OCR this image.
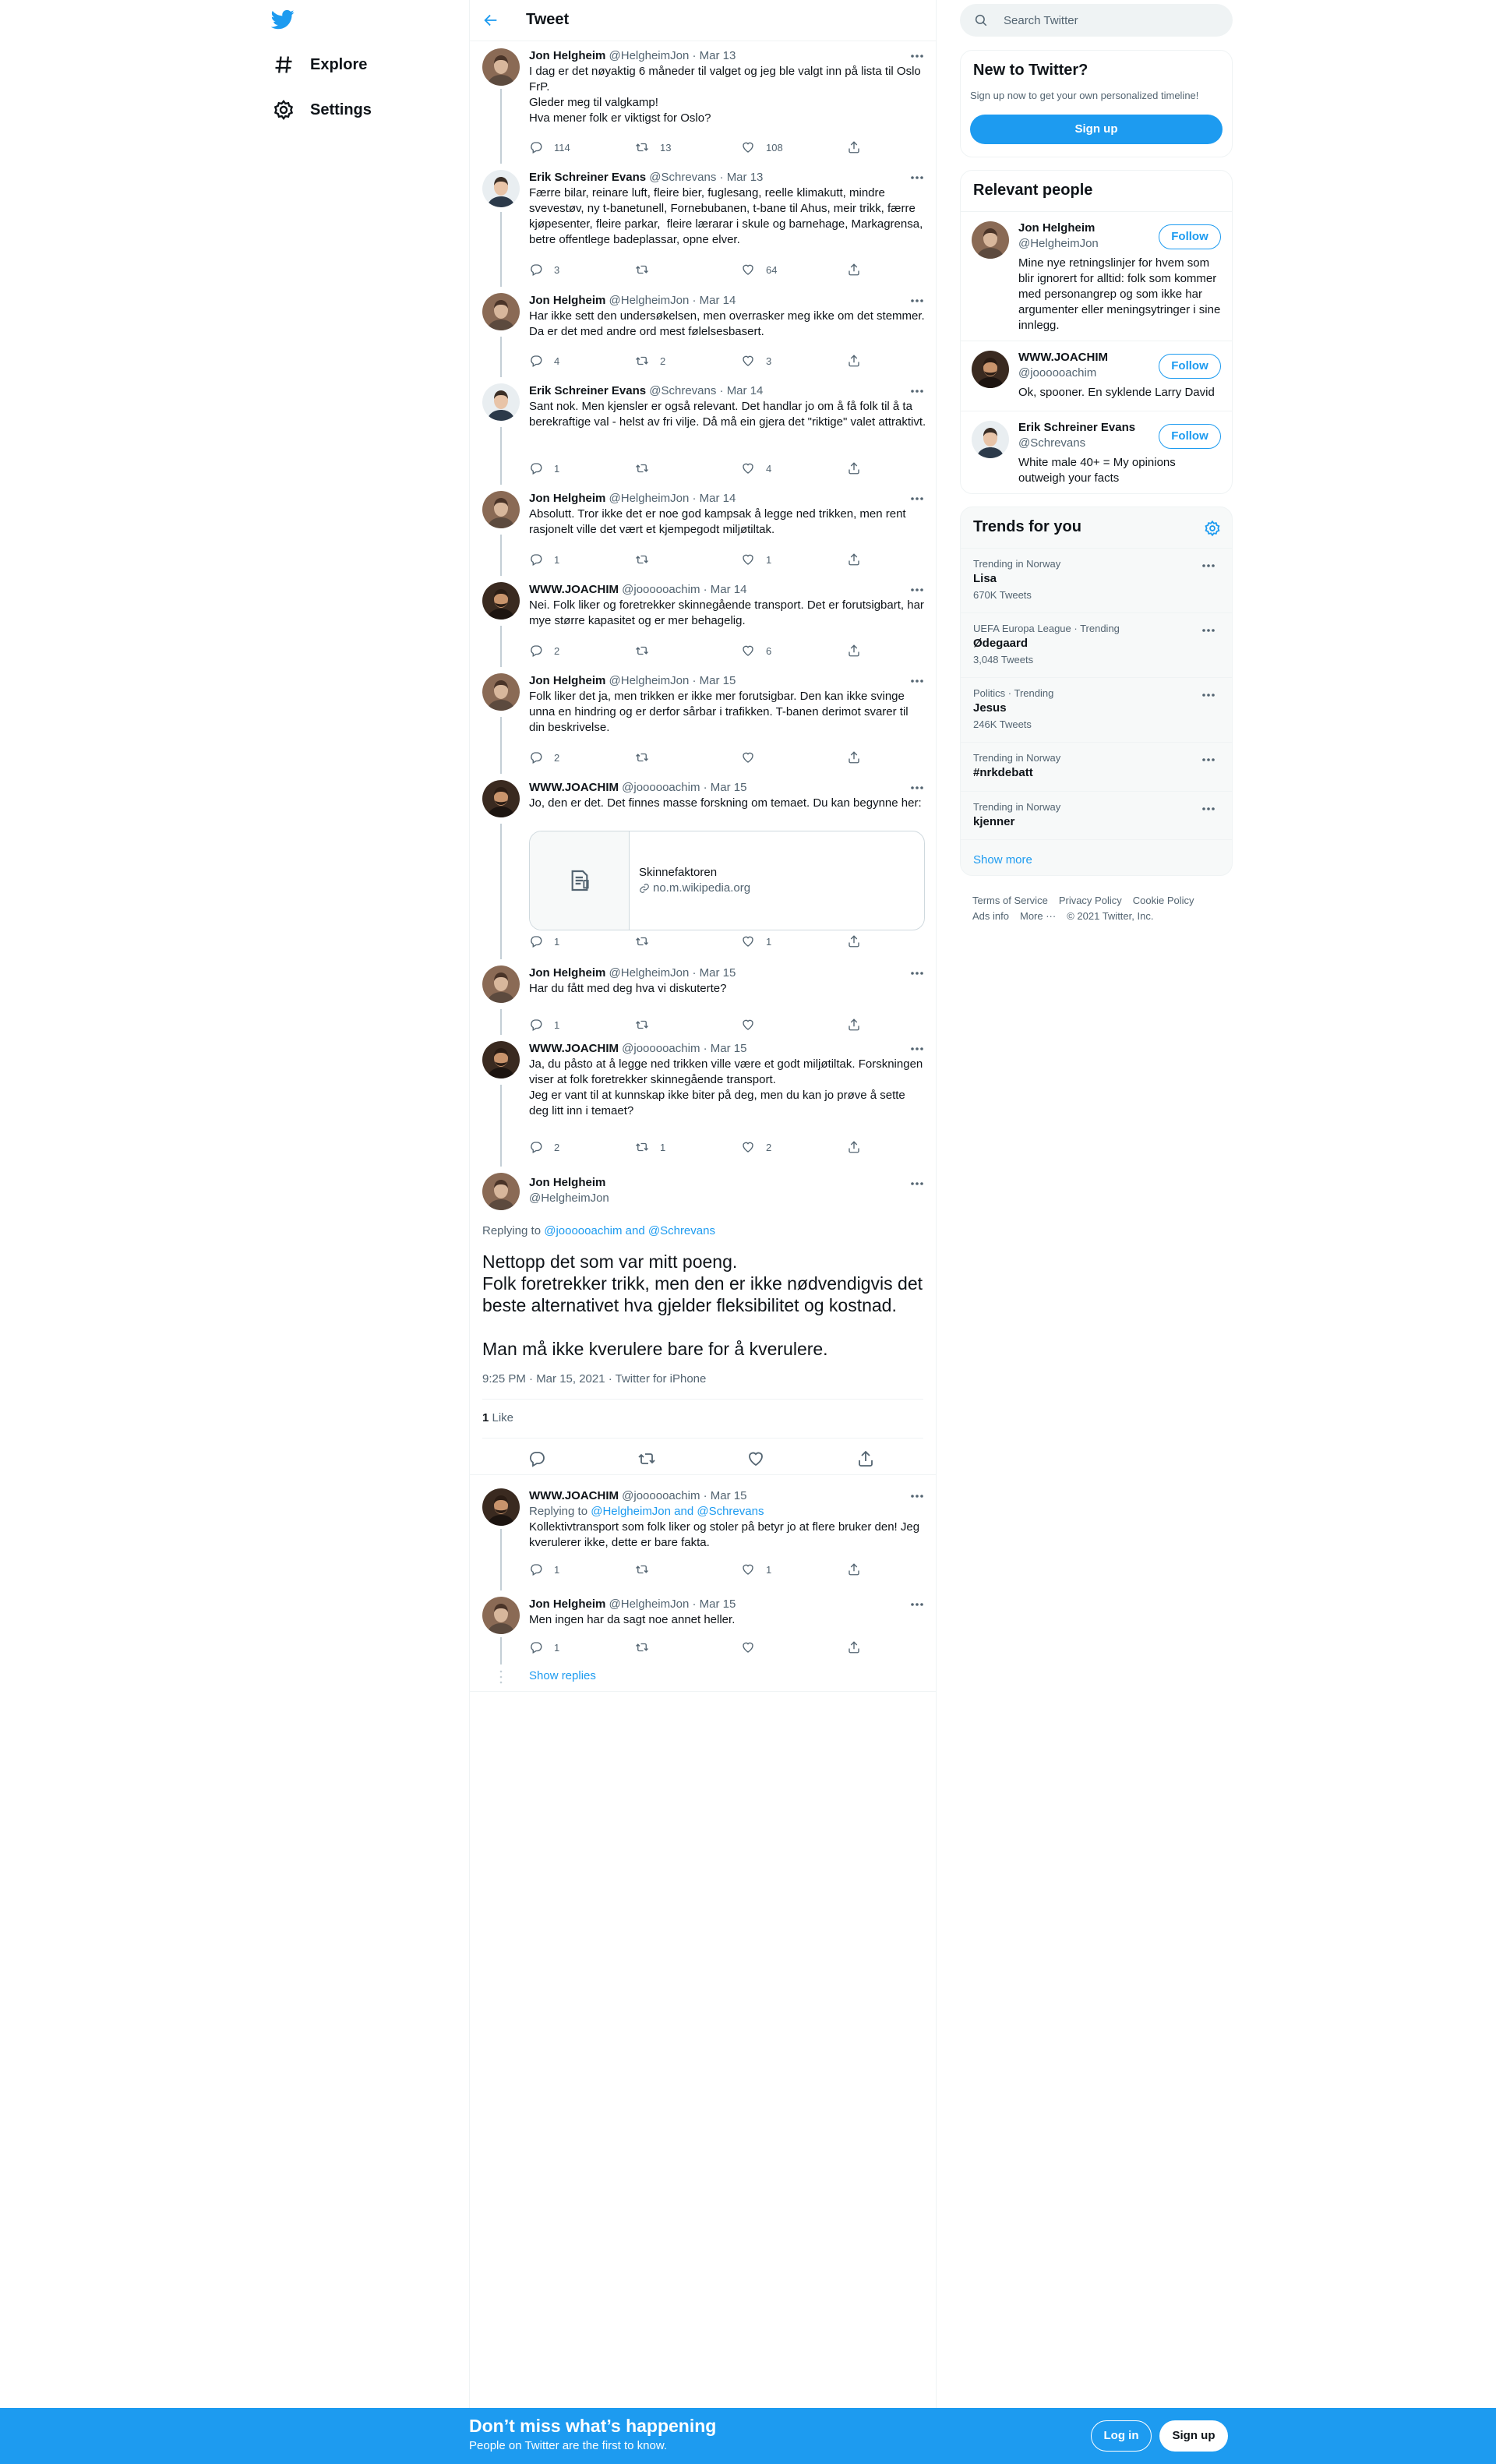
Explore
Settings
Tweet
Jon Helgheim @HelgheimJon · Mar 13
I dag er det nøyaktig 6 måneder til valget og jeg ble valgt inn på lista til Oslo FrP.
Gleder meg til valgkamp!
Hva mener folk er viktigst for Oslo?
114	13	108
Erik Schreiner Evans @Schrevans · Mar 13
Færre bilar, reinare luft, fleire bier, fuglesang, reelle klimakutt, mindre svevestøv, ny t-banetunell, Fornebubanen, t-bane til Ahus, meir trikk, færre kjøpesenter, fleire parkar,  fleire lærarar i skule og barnehage, Markagrensa, betre offentlege badeplassar, opne elver.
3	64
Jon Helgheim @HelgheimJon · Mar 14
Har ikke sett den undersøkelsen, men overrasker meg ikke om det stemmer. Da er det med andre ord mest følelsesbasert.
4	2	3
Erik Schreiner Evans @Schrevans · Mar 14
Sant nok. Men kjensler er også relevant. Det handlar jo om å få folk til å ta berekraftige val - helst av fri vilje. Då må ein gjera det "riktige" valet attraktivt.
1	4
Jon Helgheim @HelgheimJon · Mar 14
Absolutt. Tror ikke det er noe god kampsak å legge ned trikken, men rent rasjonelt ville det vært et kjempegodt miljøtiltak.
1	1
WWW.JOACHIM @joooooachim · Mar 14
Nei. Folk liker og foretrekker skinnegående transport. Det er forutsigbart, har mye større kapasitet og er mer behagelig.
2	6
Jon Helgheim @HelgheimJon · Mar 15
Folk liker det ja, men trikken er ikke mer forutsigbar. Den kan ikke svinge unna en hindring og er derfor sårbar i trafikken. T-banen derimot svarer til din beskrivelse.
2
WWW.JOACHIM @joooooachim · Mar 15
Jo, den er det. Det finnes masse forskning om temaet. Du kan begynne her:
Skinnefaktoren
no.m.wikipedia.org
1	1
Jon Helgheim @HelgheimJon · Mar 15
Har du fått med deg hva vi diskuterte?
1
WWW.JOACHIM @joooooachim · Mar 15
Ja, du påsto at å legge ned trikken ville være et godt miljøtiltak. Forskningen viser at folk foretrekker skinnegående transport.
Jeg er vant til at kunnskap ikke biter på deg, men du kan jo prøve å sette deg litt inn i temaet?
2	1	2
Jon Helgheim
@HelgheimJon
Replying to @joooooachim and @Schrevans
Nettopp det som var mitt poeng.
Folk foretrekker trikk, men den er ikke nødvendigvis det beste alternativet hva gjelder fleksibilitet og kostnad.

Man må ikke kverulere bare for å kverulere.
9:25 PM · Mar 15, 2021 · Twitter for iPhone
1 Like
WWW.JOACHIM @joooooachim · Mar 15
Replying to @HelgheimJon and @Schrevans
Kollektivtransport som folk liker og stoler på betyr jo at flere bruker den! Jeg kverulerer ikke, dette er bare fakta.
1	1
Jon Helgheim @HelgheimJon · Mar 15
Men ingen har da sagt noe annet heller.
1
Show replies
Search Twitter
New to Twitter?
Sign up now to get your own personalized timeline!
Sign up
Relevant people
Jon Helgheim
@HelgheimJon
Mine nye retningslinjer for hvem som blir ignorert for alltid: folk som kommer med personangrep og som ikke har argumenter eller meningsytringer i sine innlegg.
Follow
WWW.JOACHIM
@joooooachim
Ok, spooner. En syklende Larry David
Follow
Erik Schreiner Evans
@Schrevans
White male 40+ = My opinions outweigh your facts
Follow
Trends for you
Show more
Trending in Norway
Lisa
670K Tweets
UEFA Europa League · Trending
Ødegaard
3,048 Tweets
Politics · Trending
Jesus
246K Tweets
Trending in Norway
#nrkdebatt
Trending in Norway
kjenner
Terms of Service Privacy Policy Cookie PolicyAds info More ··· © 2021 Twitter, Inc.
Don’t miss what’s happening
People on Twitter are the first to know.
Log in	Sign up
